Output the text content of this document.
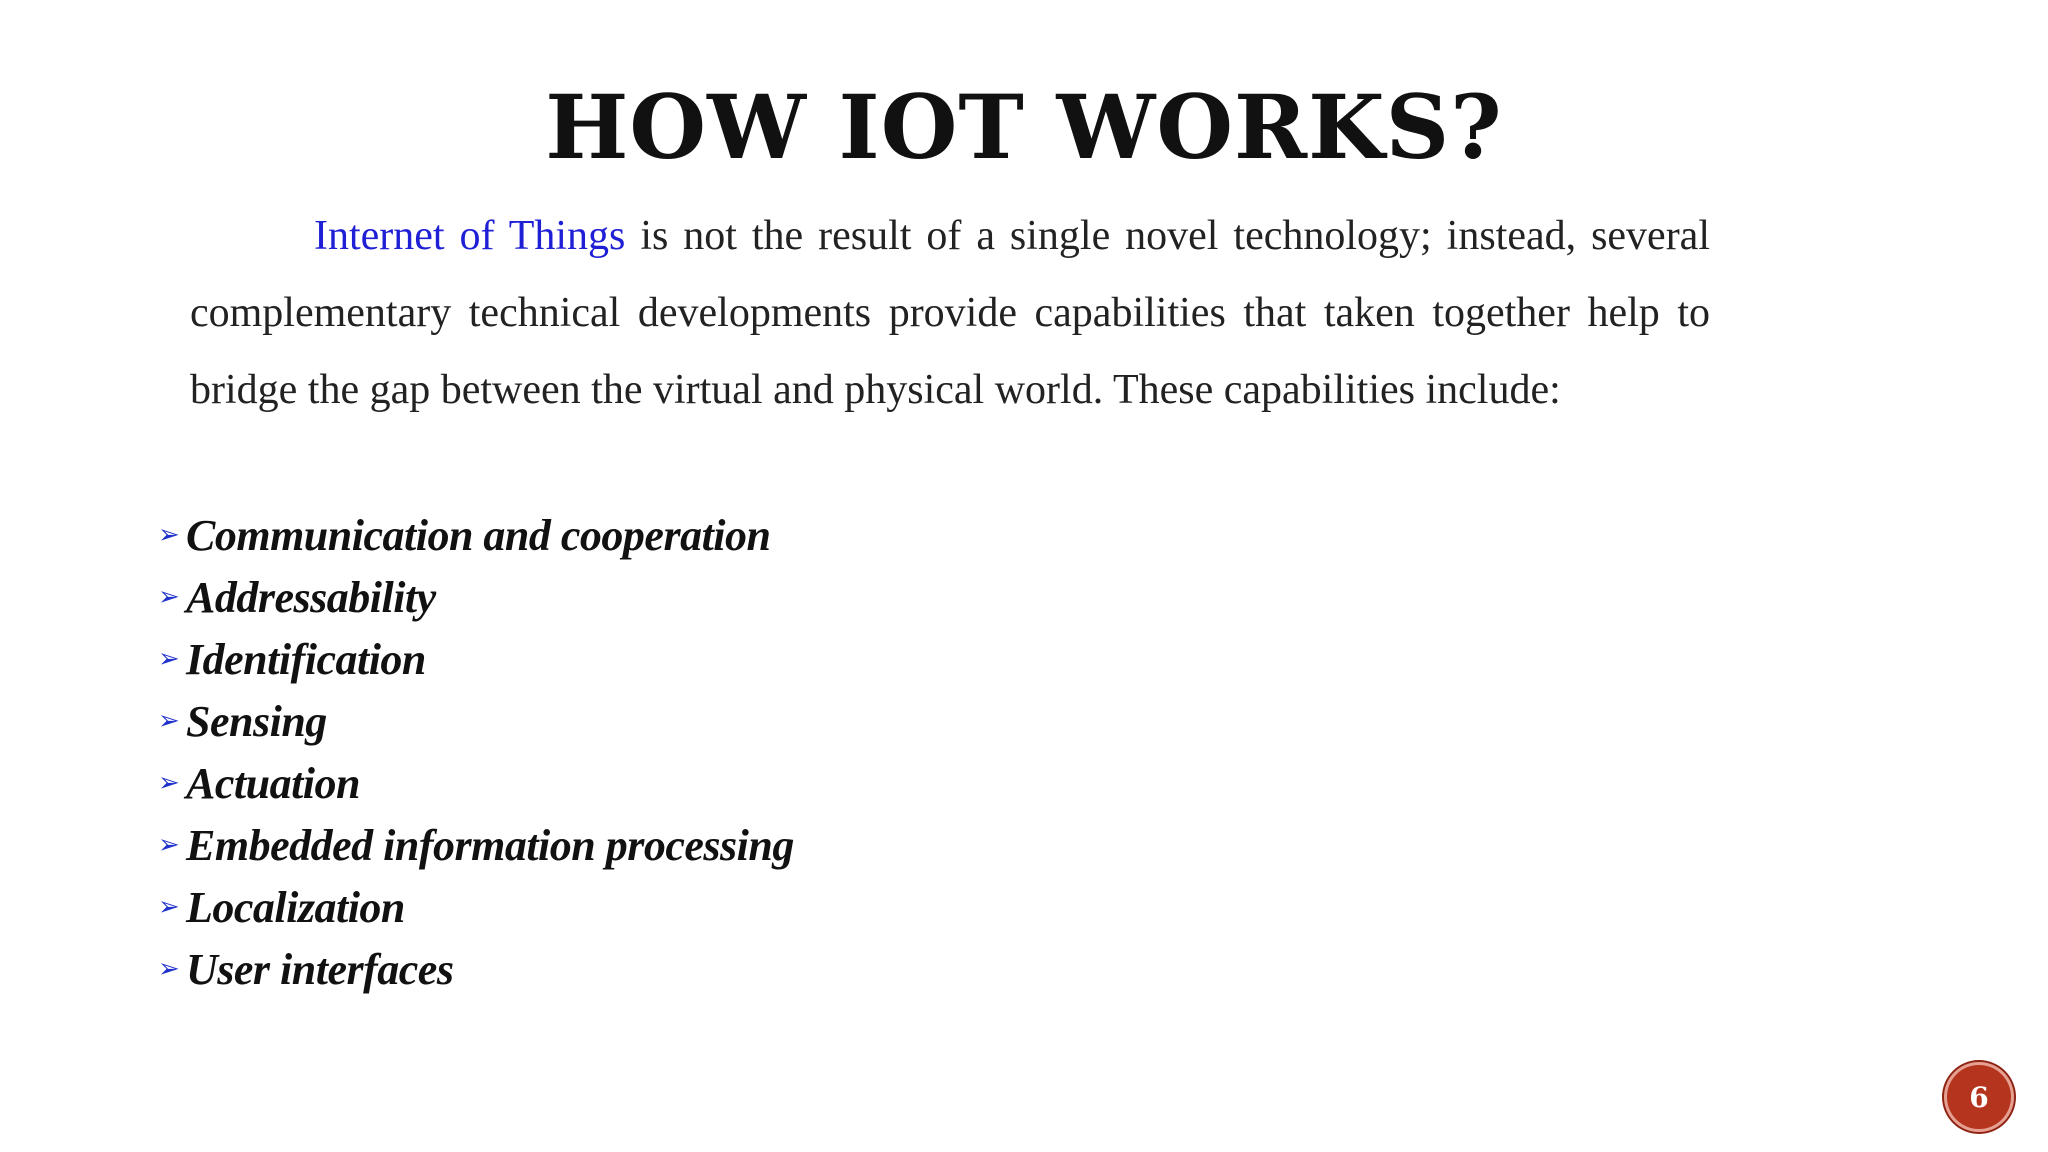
HOW IOT WORKS?

Internet of Things is not the result of a single novel technology; instead, several complementary technical developments provide capabilities that taken together help to bridge the gap between the virtual and physical world. These capabilities include:

➢ Communication and cooperation
➢ Addressability
➢ Identification
➢ Sensing
➢ Actuation
➢ Embedded information processing
➢ Localization
➢ User interfaces
6
